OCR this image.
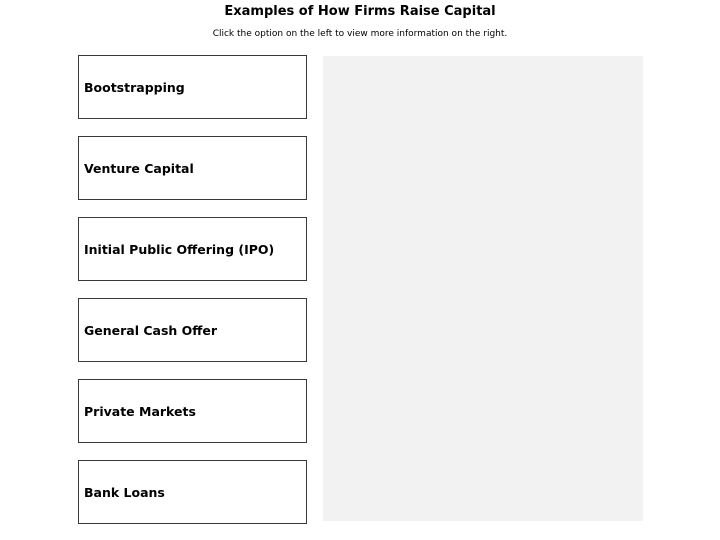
Examples of How Firms Raise Capital
Click the option on the left to view more information on the right.
Bootstrapping
Venture Capital
Initial Public Offering (IPO)
General Cash Offer
Private Markets
Bank Loans
